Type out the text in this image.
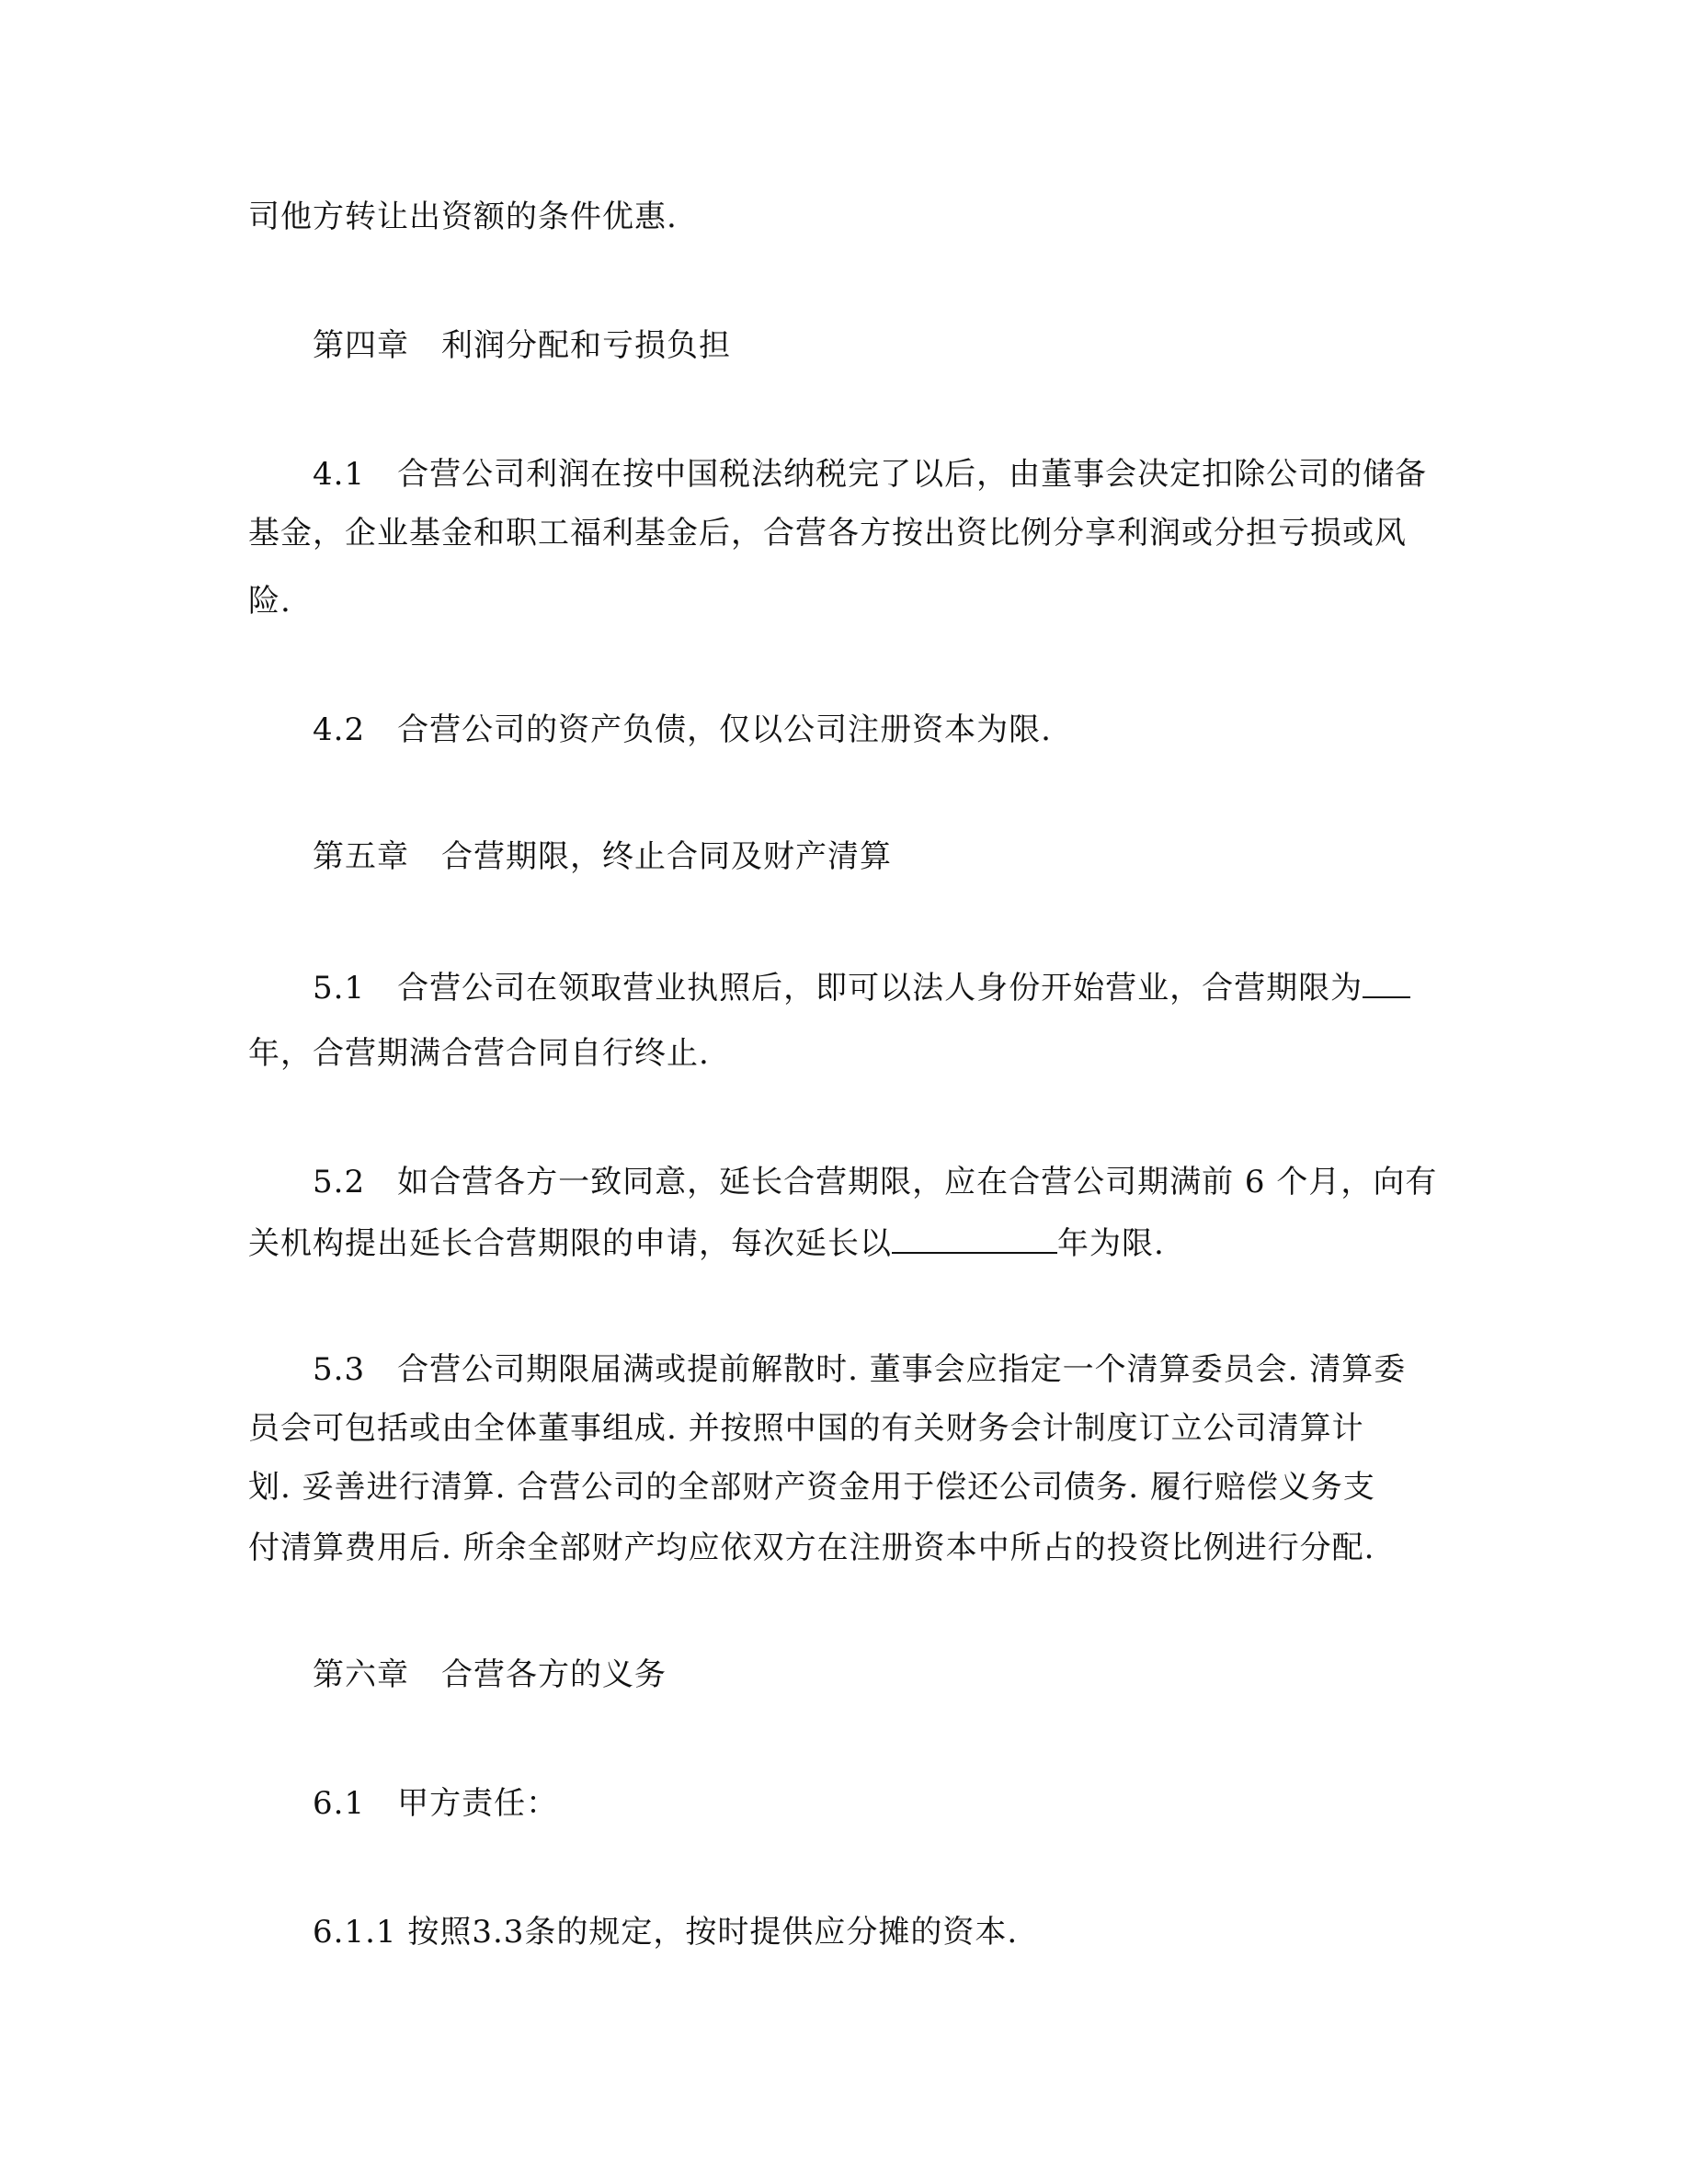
司他方转让出资额的条件优惠.
第四章　利润分配和亏损负担
4.1　合营公司利润在按中国税法纳税完了以后，由董事会决定扣除公司的储备
基金，企业基金和职工福利基金后，合营各方按出资比例分享利润或分担亏损或风
险.
4.2　合营公司的资产负债，仅以公司注册资本为限.
第五章　合营期限，终止合同及财产清算
5.1　合营公司在领取营业执照后，即可以法人身份开始营业，合营期限为
年，合营期满合营合同自行终止.
5.2　如合营各方一致同意，延长合营期限，应在合营公司期满前 6 个月，向有
关机构提出延长合营期限的申请，每次延长以	年为限.
5.3　合营公司期限届满或提前解散时. 董事会应指定一个清算委员会. 清算委
员会可包括或由全体董事组成. 并按照中国的有关财务会计制度订立公司清算计
划. 妥善进行清算. 合营公司的全部财产资金用于偿还公司债务. 履行赔偿义务支
付清算费用后. 所余全部财产均应依双方在注册资本中所占的投资比例进行分配.
第六章　合营各方的义务
6.1　甲方责任：
6.1.1 按照3.3条的规定，按时提供应分摊的资本.
